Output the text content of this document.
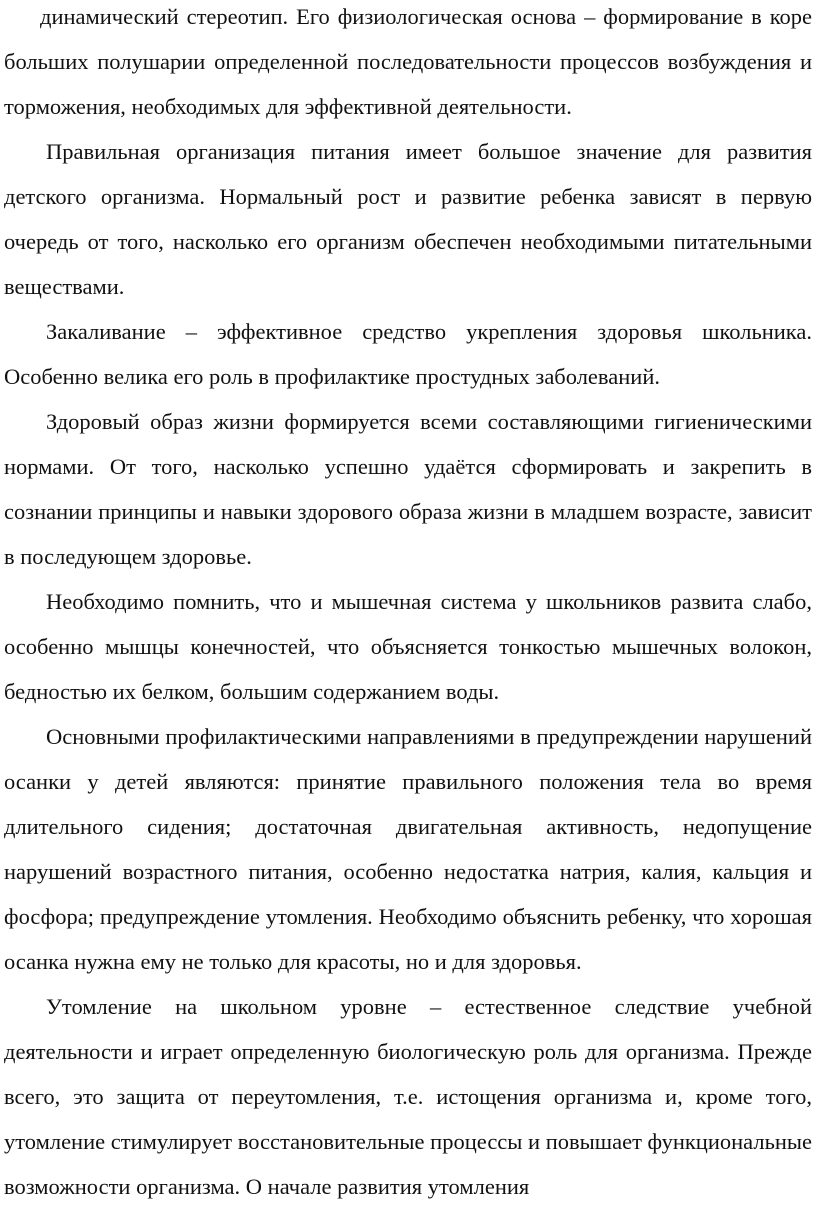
динамический стереотип. Его физиологическая основа – формирование в коре больших полушарии определенной последовательности процессов возбуждения и торможения, необходимых для эффективной деятельности.

Правильная организация питания имеет большое значение для развития детского организма. Нормальный рост и развитие ребенка зависят в первую очередь от того, насколько его организм обеспечен необходимыми питательными веществами.

Закаливание – эффективное средство укрепления здоровья школьника. Особенно велика его роль в профилактике простудных заболеваний.

Здоровый образ жизни формируется всеми составляющими гигиеническими нормами. От того, насколько успешно удаётся сформировать и закрепить в сознании принципы и навыки здорового образа жизни в младшем возрасте, зависит в последующем здоровье.

Необходимо помнить, что и мышечная система у школьников развита слабо, особенно мышцы конечностей, что объясняется тонкостью мышечных волокон, бедностью их белком, большим содержанием воды.

Основными профилактическими направлениями в предупреждении нарушений осанки у детей являются: принятие правильного положения тела во время длительного сидения; достаточная двигательная активность, недопущение нарушений возрастного питания, особенно недостатка натрия, калия, кальция и фосфора; предупреждение утомления. Необходимо объяснить ребенку, что хорошая осанка нужна ему не только для красоты, но и для здоровья.

Утомление на школьном уровне – естественное следствие учебной деятельности и играет определенную биологическую роль для организма. Прежде всего, это защита от переутомления, т.е. истощения организма и, кроме того, утомление стимулирует восстановительные процессы и повышает функциональные возможности организма. О начале развития утомления
